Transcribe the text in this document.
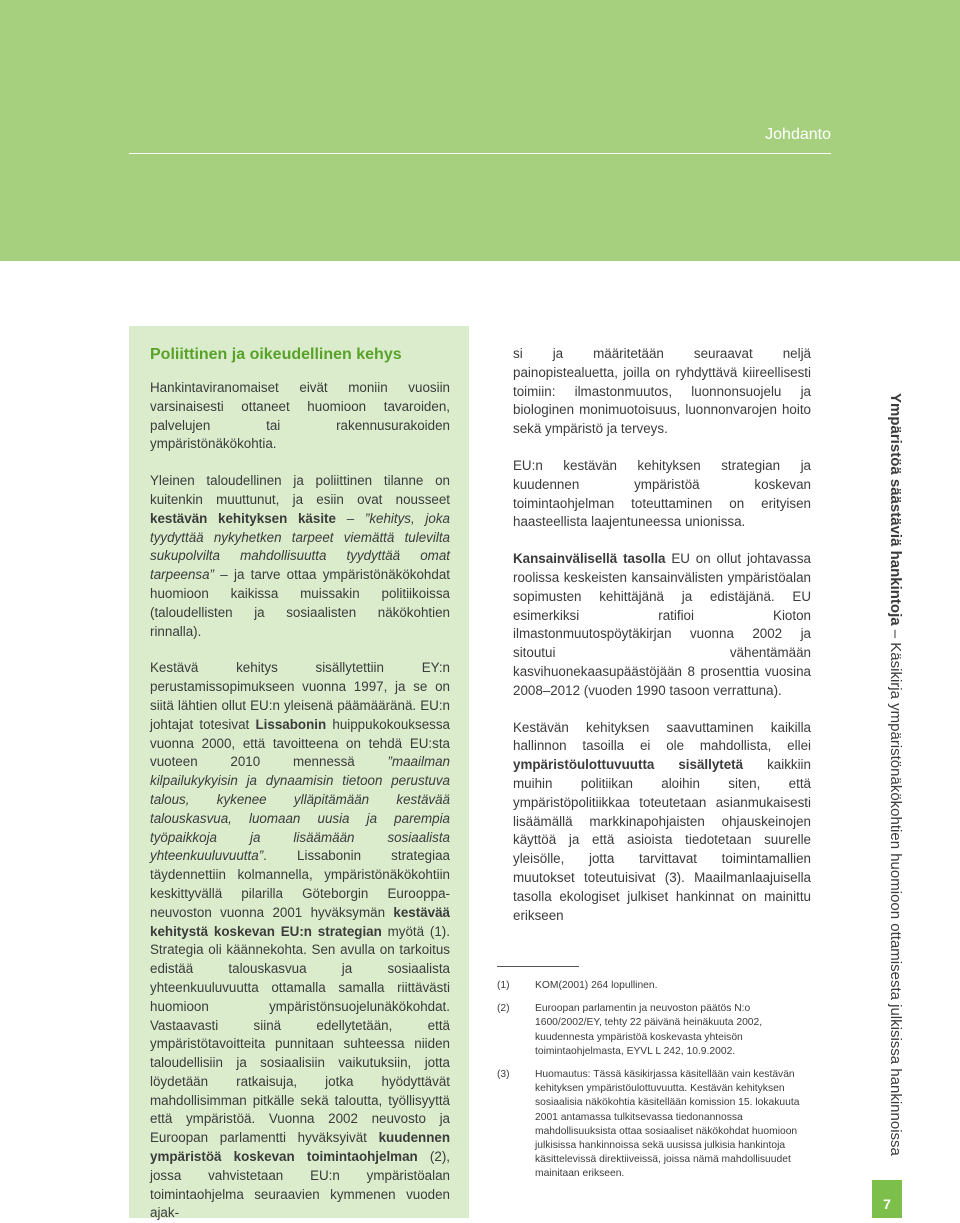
Johdanto
Poliittinen ja oikeudellinen kehys

Hankintaviranomaiset eivät moniin vuosiin varsinaisesti ottaneet huomioon tavaroiden, palvelujen tai rakennusurakoiden ympäristönäkökohtia.

Yleinen taloudellinen ja poliittinen tilanne on kuitenkin muuttunut, ja esiin ovat nousseet kestävän kehityksen käsite – ”kehitys, joka tyydyttää nykyhetken tarpeet viemättä tulevilta sukupolvilta mahdollisuutta tyydyttää omat tarpeensa” – ja tarve ottaa ympäristönäkökohdat huomioon kaikissa muissakin politiikoissa (taloudellisten ja sosiaalisten näkökohtien rinnalla).

Kestävä kehitys sisällytettiin EY:n perustamissopimukseen vuonna 1997, ja se on siitä lähtien ollut EU:n yleisenä päämääränä. EU:n johtajat totesivat Lissabonin huippukokouksessa vuonna 2000, että tavoitteena on tehdä EU:sta vuoteen 2010 mennessä ”maailman kilpailukykyisin ja dynaamisin tietoon perustuva talous, kykenee ylläpitämään kestävää talouskasvua, luomaan uusia ja parempia työpaikkoja ja lisäämään sosiaalista yhteenkuuluvuutta”. Lissabonin strategiaa täydennettiin kolmannella, ympäristönäkökohtiin keskittyvällä pilarilla Göteborgin Eurooppa-neuvoston vuonna 2001 hyväksymän kestävää kehitystä koskevan EU:n strategian myötä (1). Strategia oli käännekohta. Sen avulla on tarkoitus edistää talouskasvua ja sosiaalista yhteenkuuluvuutta ottamalla samalla riittävästi huomioon ympäristönsuojelunäkökohdat. Vastaavasti siinä edellytetään, että ympäristötavoitteita punnitaan suhteessa niiden taloudellisiin ja sosiaalisiin vaikutuksiin, jotta löydetään ratkaisuja, jotka hyödyttävät mahdollisimman pitkälle sekä taloutta, työllisyyttä että ympäristöä. Vuonna 2002 neuvosto ja Euroopan parlamentti hyväksyivät kuudennen ympäristöä koskevan toimintaohjelman (2), jossa vahvistetaan EU:n ympäristöalan toimintaohjelma seuraavien kymmenen vuoden ajak-

si ja määritetään seuraavat neljä painopistealuetta, joilla on ryhdyttävä kiireellisesti toimiin: ilmastonmuutos, luonnonsuojelu ja biologinen monimuotoisuus, luonnonvarojen hoito sekä ympäristö ja terveys.

EU:n kestävän kehityksen strategian ja kuudennen ympäristöä koskevan toimintaohjelman toteuttaminen on erityisen haasteellista laajentuneessa unionissa.

Kansainvälisellä tasolla EU on ollut johtavassa roolissa keskeisten kansainvälisten ympäristöalan sopimusten kehittäjänä ja edistäjänä. EU esimerkiksi ratifioi Kioton ilmastonmuutospöytäkirjan vuonna 2002 ja sitoutui vähentämään kasvihuonekaasupäästöjään 8 prosenttia vuosina 2008–2012 (vuoden 1990 tasoon verrattuna).

Kestävän kehityksen saavuttaminen kaikilla hallinnon tasoilla ei ole mahdollista, ellei ympäristöulottuvuutta sisällytetä kaikkiin muihin politiikan aloihin siten, että ympäristöpolitiikkaa toteutetaan asianmukaisesti lisäämällä markkinapohjaisten ohjauskeinojen käyttöä ja että asioista tiedotetaan suurelle yleisölle, jotta tarvittavat toimintamallien muutokset toteutuisivat (3). Maailmanlaajuisella tasolla ekologiset julkiset hankinnat on mainittu erikseen

(1)	KOM(2001) 264 lopullinen.
(2)	Euroopan parlamentin ja neuvoston päätös N:o 1600/2002/EY, tehty 22 päivänä heinäkuuta 2002, kuudennesta ympäristöä koskevasta yhteisön toimintaohjelmasta, EYVL L 242, 10.9.2002.
(3)	Huomautus: Tässä käsikirjassa käsitellään vain kestävän kehityksen ympäristöulottuvuutta. Kestävän kehityksen sosiaalisia näkökohtia käsitellään komission 15. lokakuuta 2001 antamassa tulkitsevassa tiedonannossa mahdollisuuksista ottaa sosiaaliset näkökohdat huomioon julkisissa hankinnoissa sekä uusissa julkisia hankintoja käsittelevissä direktiiveissä, joissa nämä mahdollisuudet mainitaan erikseen.
Ympäristöä säästäviä hankintoja – Käsikirja ympäristönäkökohtien huomioon ottamisesta julkisissa hankinnoissa
7
